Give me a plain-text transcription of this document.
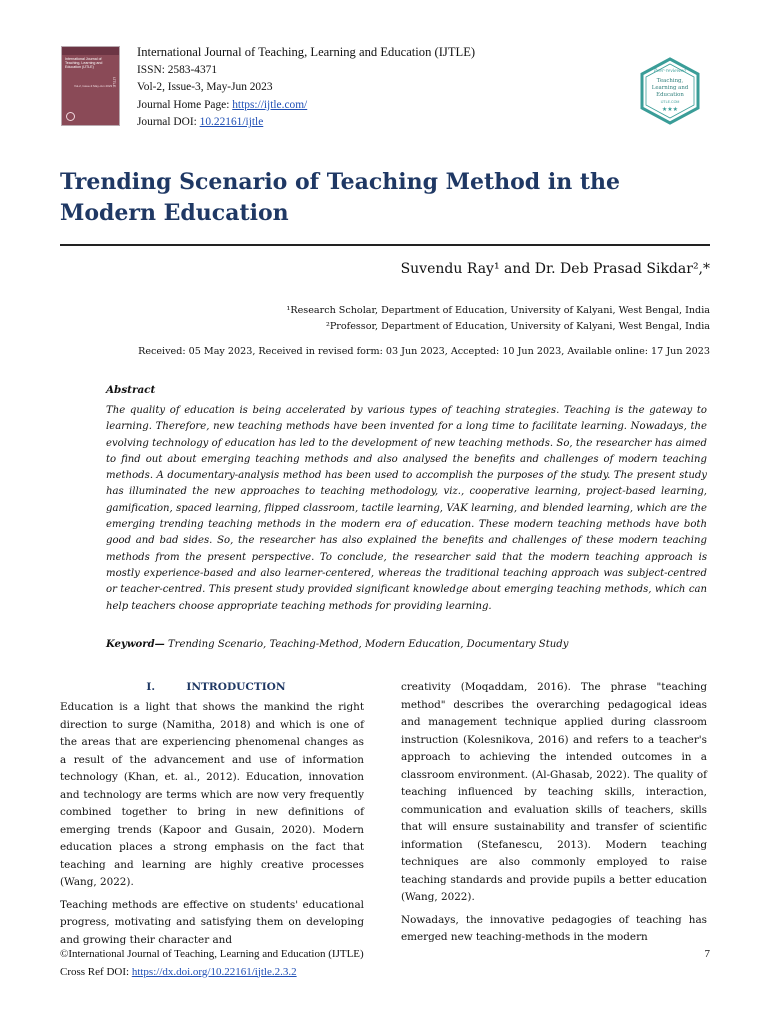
International Journal of Teaching, Learning and Education (IJTLE)
Vol-2, Issue-3 May-Jun 2023 IJTLE
International Journal of Teaching, Learning and Education (IJTLE)
ISSN: 2583-4371
Vol-2, Issue-3, May-Jun 2023
Journal Home Page: https://ijtle.com/
Journal DOI: 10.22161/ijtle
Peer-reviewed
Teaching,
Learning and
Education
IJTLE.COM
★★★
Trending Scenario of Teaching Method in the Modern Education
Suvendu Ray¹ and Dr. Deb Prasad Sikdar²,*
¹Research Scholar, Department of Education, University of Kalyani, West Bengal, India
²Professor, Department of Education, University of Kalyani, West Bengal, India
Received: 05 May 2023, Received in revised form: 03 Jun 2023, Accepted: 10 Jun 2023, Available online: 17 Jun 2023
Abstract
The quality of education is being accelerated by various types of teaching strategies. Teaching is the gateway to learning. Therefore, new teaching methods have been invented for a long time to facilitate learning. Nowadays, the evolving technology of education has led to the development of new teaching methods. So, the researcher has aimed to find out about emerging teaching methods and also analysed the benefits and challenges of modern teaching methods. A documentary-analysis method has been used to accomplish the purposes of the study. The present study has illuminated the new approaches to teaching methodology, viz., cooperative learning, project-based learning, gamification, spaced learning, flipped classroom, tactile learning, VAK learning, and blended learning, which are the emerging trending teaching methods in the modern era of education. These modern teaching methods have both good and bad sides. So, the researcher has also explained the benefits and challenges of these modern teaching methods from the present perspective. To conclude, the researcher said that the modern teaching approach is mostly experience-based and also learner-centered, whereas the traditional teaching approach was subject-centred or teacher-centred. This present study provided significant knowledge about emerging teaching methods, which can help teachers choose appropriate teaching methods for providing learning.
Keyword— Trending Scenario, Teaching-Method, Modern Education, Documentary Study
I.	INTRODUCTION

Education is a light that shows the mankind the right direction to surge (Namitha, 2018) and which is one of the areas that are experiencing phenomenal changes as a result of the advancement and use of information technology (Khan, et. al., 2012). Education, innovation and technology are terms which are now very frequently combined together to bring in new definitions of emerging trends (Kapoor and Gusain, 2020). Modern education places a strong emphasis on the fact that teaching and learning are highly creative processes (Wang, 2022).

Teaching methods are effective on students' educational progress, motivating and satisfying them on developing and growing their character and

creativity (Moqaddam, 2016). The phrase "teaching method" describes the overarching pedagogical ideas and management technique applied during classroom instruction (Kolesnikova, 2016) and refers to a teacher's approach to achieving the intended outcomes in a classroom environment. (Al-Ghasab, 2022). The quality of teaching influenced by teaching skills, interaction, communication and evaluation skills of teachers, skills that will ensure sustainability and transfer of scientific information (Stefanescu, 2013). Modern teaching techniques are also commonly employed to raise teaching standards and provide pupils a better education (Wang, 2022).

Nowadays, the innovative pedagogies of teaching has emerged new teaching-methods in the modern

©International Journal of Teaching, Learning and Education (IJTLE)
Cross Ref DOI: https://dx.doi.org/10.22161/ijtle.2.3.2
7
